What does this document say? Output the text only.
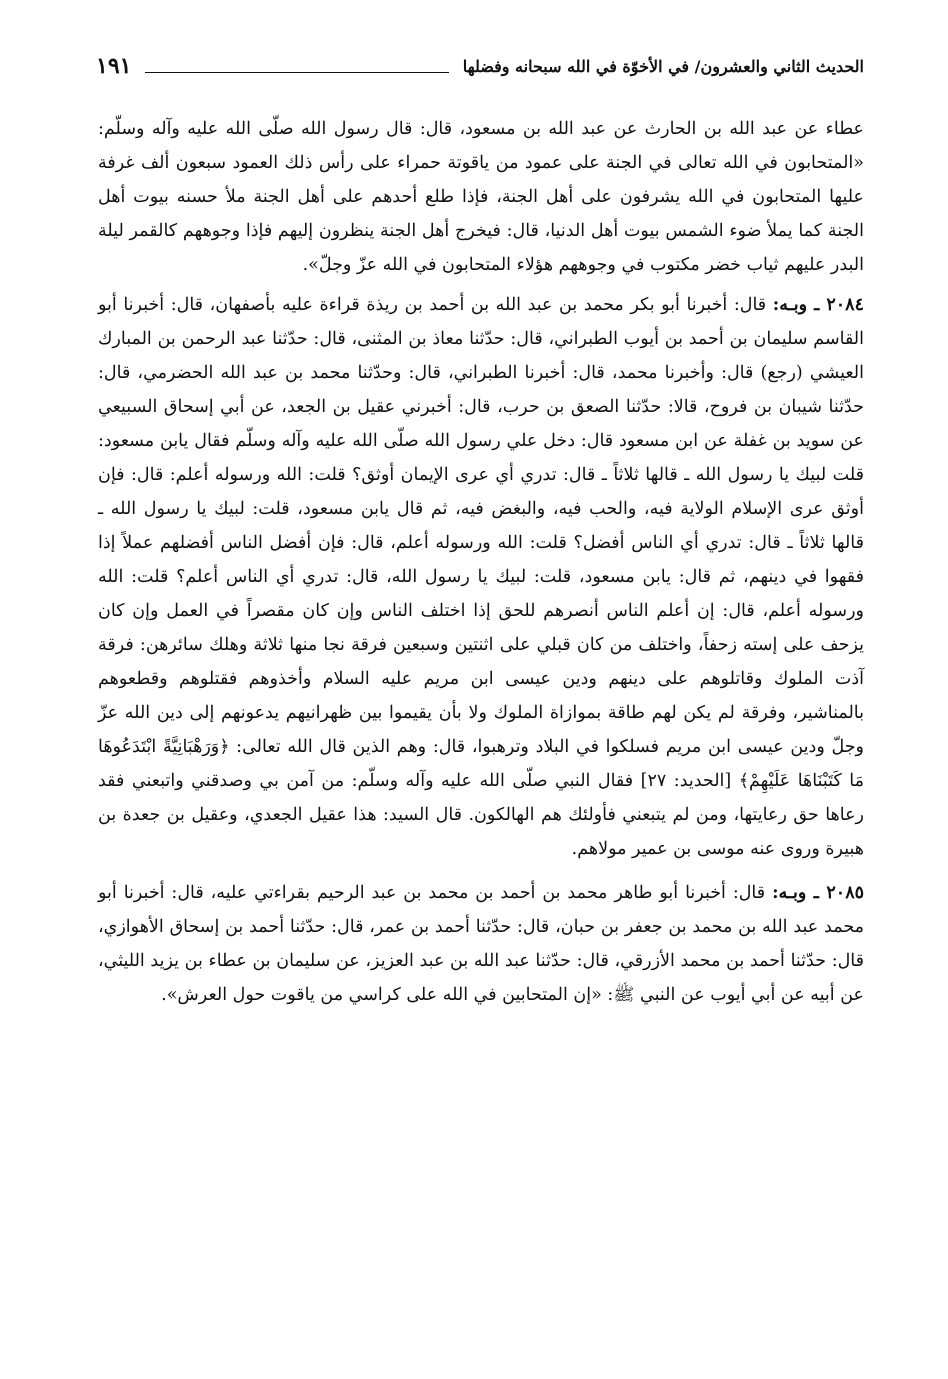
الحديث الثاني والعشرون/ في الأخوّة في الله سبحانه وفضلها
١٩١

عطاء عن عبد الله بن الحارث عن عبد الله بن مسعود، قال: قال رسول الله صلّى الله عليه وآله وسلّم: «المتحابون في الله تعالى في الجنة على عمود من ياقوتة حمراء على رأس ذلك العمود سبعون ألف غرفة عليها المتحابون في الله يشرفون على أهل الجنة، فإذا طلع أحدهم على أهل الجنة ملأ حسنه بيوت أهل الجنة كما يملأ ضوء الشمس بيوت أهل الدنيا، قال: فيخرج أهل الجنة ينظرون إليهم فإذا وجوههم كالقمر ليلة البدر عليهم ثياب خضر مكتوب في وجوههم هؤلاء المتحابون في الله عزّ وجلّ».

٢٠٨٤ ـ وبـه: قال: أخبرنا أبو بكر محمد بن عبد الله بن أحمد بن ريذة قراءة عليه بأصفهان، قال: أخبرنا أبو القاسم سليمان بن أحمد بن أيوب الطبراني، قال: حدّثنا معاذ بن المثنى، قال: حدّثنا عبد الرحمن بن المبارك العيشي (رجع) قال: وأخبرنا محمد، قال: أخبرنا الطبراني، قال: وحدّثنا محمد بن عبد الله الحضرمي، قال: حدّثنا شيبان بن فروح، قالا: حدّثنا الصعق بن حرب، قال: أخبرني عقيل بن الجعد، عن أبي إسحاق السبيعي عن سويد بن غفلة عن ابن مسعود قال: دخل علي رسول الله صلّى الله عليه وآله وسلّم فقال يابن مسعود: قلت لبيك يا رسول الله ـ قالها ثلاثاً ـ قال: تدري أي عرى الإيمان أوثق؟ قلت: الله ورسوله أعلم: قال: فإن أوثق عرى الإسلام الولاية فيه، والحب فيه، والبغض فيه، ثم قال يابن مسعود، قلت: لبيك يا رسول الله ـ قالها ثلاثاً ـ قال: تدري أي الناس أفضل؟ قلت: الله ورسوله أعلم، قال: فإن أفضل الناس أفضلهم عملاً إذا فقهوا في دينهم، ثم قال: يابن مسعود، قلت: لبيك يا رسول الله، قال: تدري أي الناس أعلم؟ قلت: الله ورسوله أعلم، قال: إن أعلم الناس أنصرهم للحق إذا اختلف الناس وإن كان مقصراً في العمل وإن كان يزحف على إسته زحفاً، واختلف من كان قبلي على اثنتين وسبعين فرقة نجا منها ثلاثة وهلك سائرهن: فرقة آذت الملوك وقاتلوهم على دينهم ودين عيسى ابن مريم عليه السلام وأخذوهم فقتلوهم وقطعوهم بالمناشير، وفرقة لم يكن لهم طاقة بموازاة الملوك ولا بأن يقيموا بين ظهرانيهم يدعونهم إلى دين الله عزّ وجلّ ودين عيسى ابن مريم فسلكوا في البلاد وترهبوا، قال: وهم الذين قال الله تعالى: ﴿وَرَهْبَانِيَّةً ابْتَدَعُوهَا مَا كَتَبْنَاهَا عَلَيْهِمْ﴾ [الحديد: ٢٧] فقال النبي صلّى الله عليه وآله وسلّم: من آمن بي وصدقني واتبعني فقد رعاها حق رعايتها، ومن لم يتبعني فأولئك هم الهالكون. قال السيد: هذا عقيل الجعدي، وعقيل بن جعدة بن هبيرة وروى عنه موسى بن عمير مولاهم.

٢٠٨٥ ـ وبـه: قال: أخبرنا أبو طاهر محمد بن أحمد بن محمد بن عبد الرحيم بقراءتي عليه، قال: أخبرنا أبو محمد عبد الله بن محمد بن جعفر بن حبان، قال: حدّثنا أحمد بن عمر، قال: حدّثنا أحمد بن إسحاق الأهوازي، قال: حدّثنا أحمد بن محمد الأزرقي، قال: حدّثنا عبد الله بن عبد العزيز، عن سليمان بن عطاء بن يزيد الليثي، عن أبيه عن أبي أيوب عن النبي ﷺ: «إن المتحابين في الله على كراسي من ياقوت حول العرش».
